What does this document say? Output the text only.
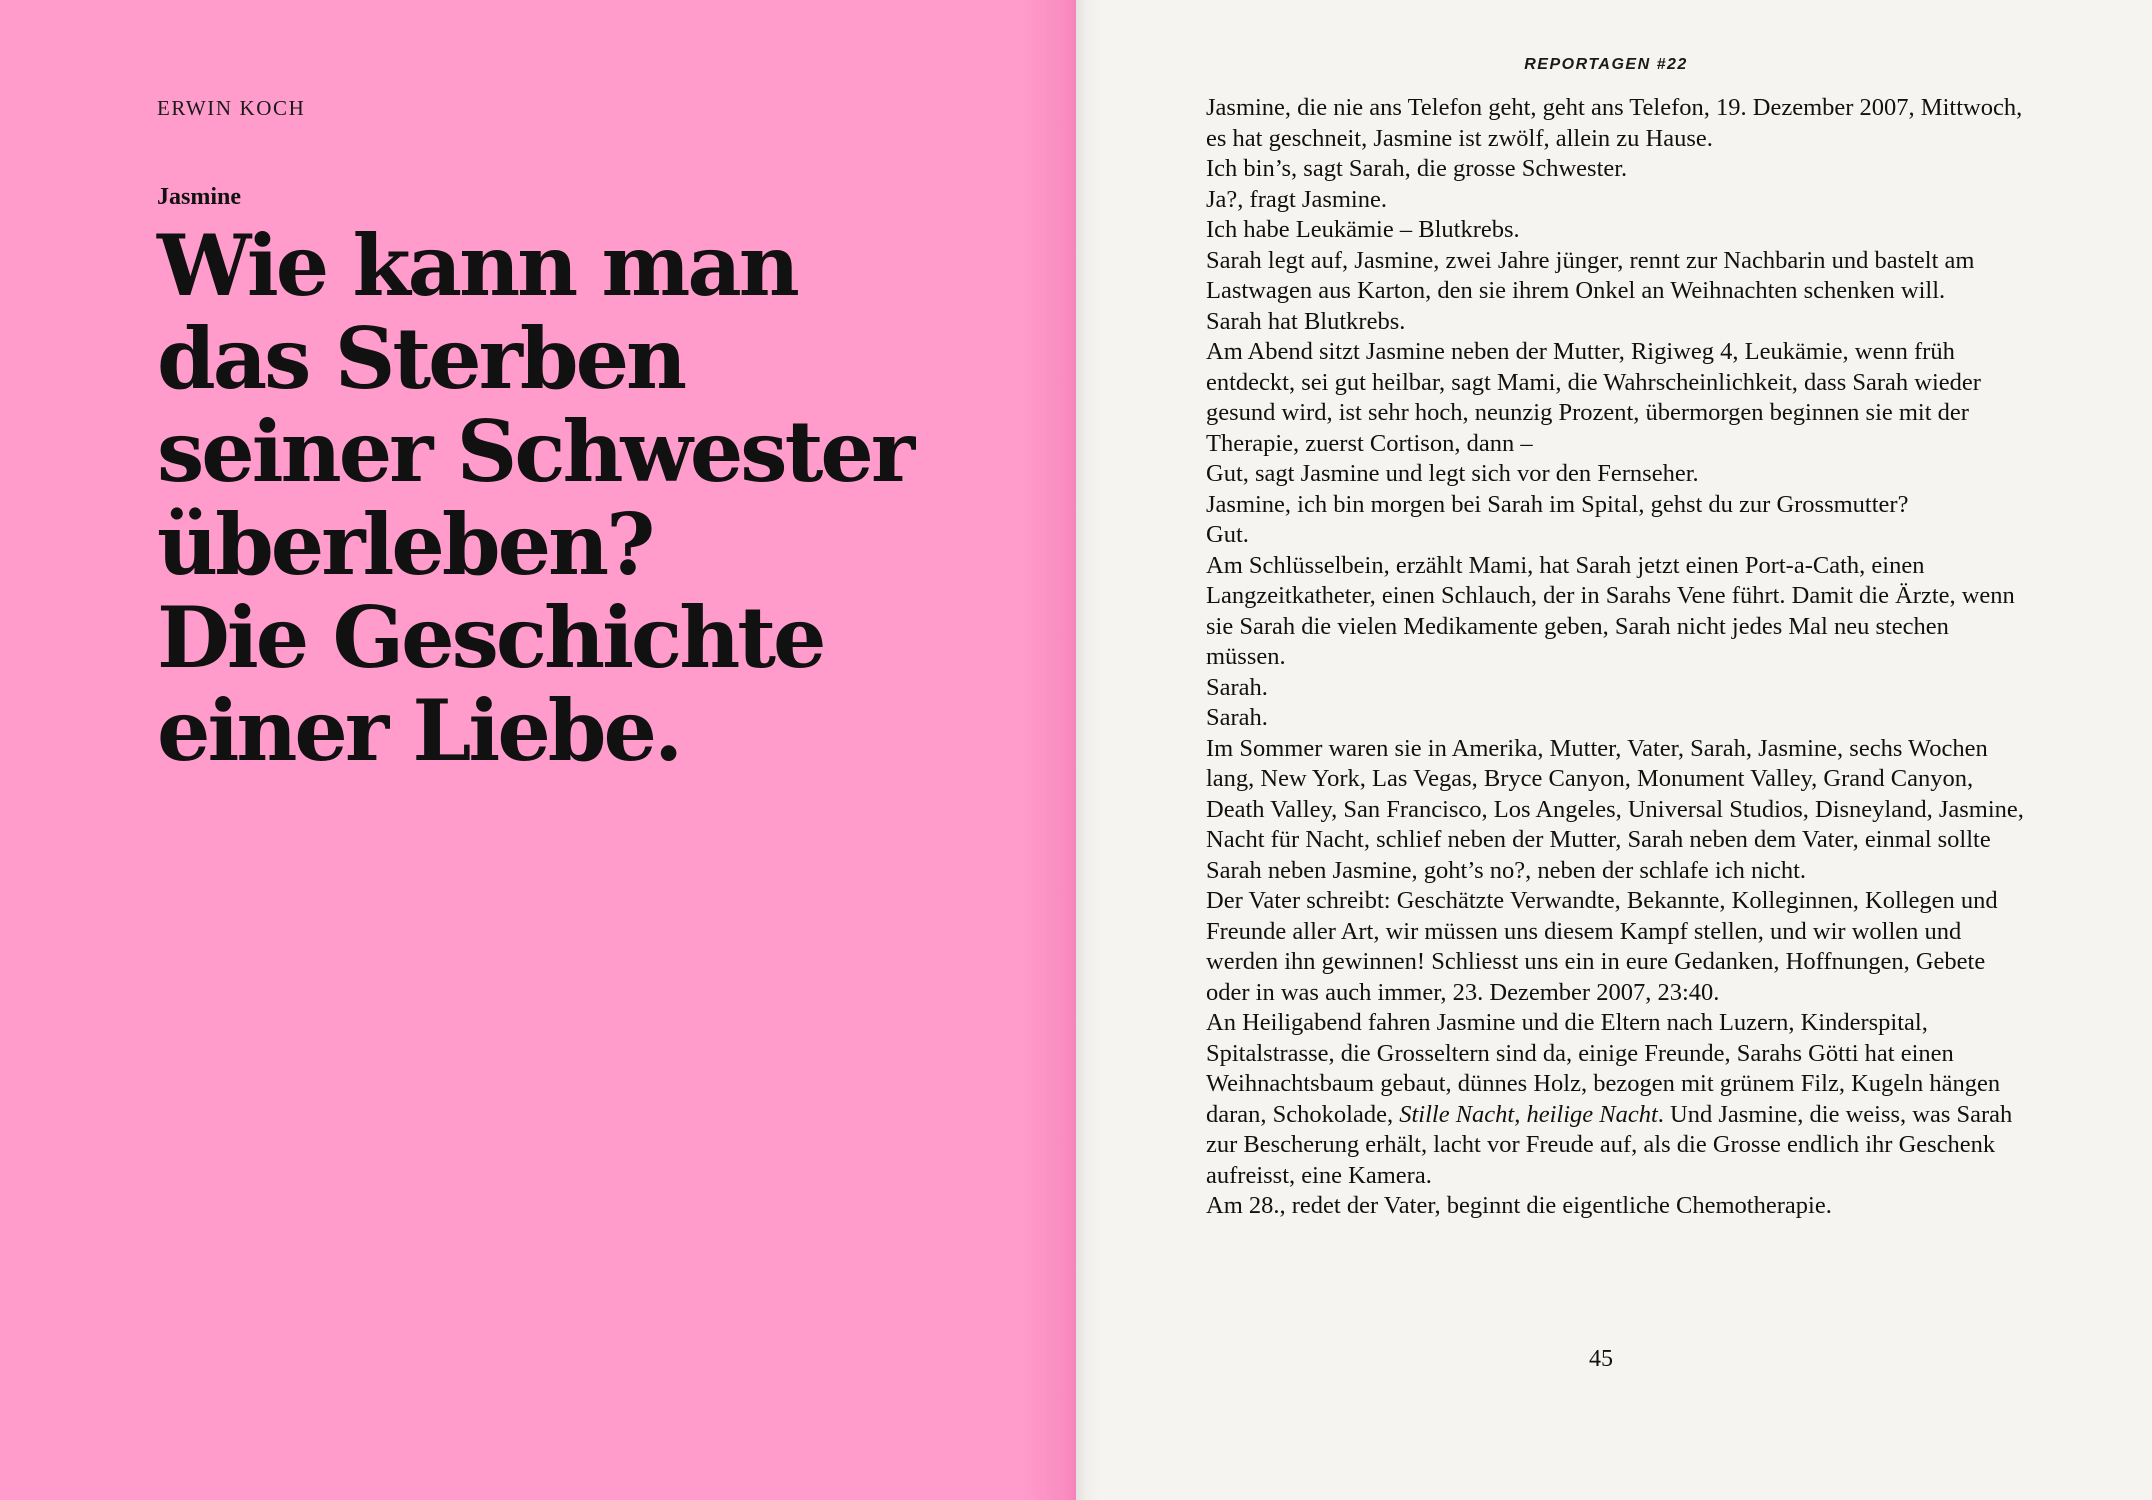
ERWIN KOCH
Jasmine
Wie kann man
das Sterben
seiner Schwester
überleben?
Die Geschichte
einer Liebe.
REPORTAGEN #22

Jasmine, die nie ans Telefon geht, geht ans Telefon, 19. Dezember 2007, Mittwoch, es hat geschneit, Jasmine ist zwölf, allein zu Hause.

Ich bin’s, sagt Sarah, die grosse Schwester.

Ja?, fragt Jasmine.

Ich habe Leukämie – Blutkrebs.

Sarah legt auf, Jasmine, zwei Jahre jünger, rennt zur Nachbarin und bastelt am Lastwagen aus Karton, den sie ihrem Onkel an Weihnachten schenken will.

Sarah hat Blutkrebs.

Am Abend sitzt Jasmine neben der Mutter, Rigiweg 4, Leukämie, wenn früh entdeckt, sei gut heilbar, sagt Mami, die Wahrscheinlichkeit, dass Sarah wieder gesund wird, ist sehr hoch, neunzig Prozent, übermorgen beginnen sie mit der Therapie, zuerst Cortison, dann –

Gut, sagt Jasmine und legt sich vor den Fernseher.

Jasmine, ich bin morgen bei Sarah im Spital, gehst du zur Grossmutter?

Gut.

Am Schlüsselbein, erzählt Mami, hat Sarah jetzt einen Port-a-Cath, einen Langzeitkatheter, einen Schlauch, der in Sarahs Vene führt. Damit die Ärzte, wenn sie Sarah die vielen Medikamente geben, Sarah nicht jedes Mal neu stechen müssen.

Sarah.

Sarah.

Im Sommer waren sie in Amerika, Mutter, Vater, Sarah, Jasmine, sechs Wochen lang, New York, Las Vegas, Bryce Canyon, Monument Valley, Grand Canyon, Death Valley, San Francisco, Los Angeles, Universal Studios, Disneyland, Jasmine, Nacht für Nacht, schlief neben der Mutter, Sarah neben dem Vater, einmal sollte Sarah neben Jasmine, goht’s no?, neben der schlafe ich nicht.

Der Vater schreibt: Geschätzte Verwandte, Bekannte, Kolleginnen, Kollegen und Freunde aller Art, wir müssen uns diesem Kampf stellen, und wir wollen und werden ihn gewinnen! Schliesst uns ein in eure Gedanken, Hoffnungen, Gebete oder in was auch immer, 23. Dezember 2007, 23:40.

An Heiligabend fahren Jasmine und die Eltern nach Luzern, Kinderspital, Spitalstrasse, die Grosseltern sind da, einige Freunde, Sarahs Götti hat einen Weihnachtsbaum gebaut, dünnes Holz, bezogen mit grünem Filz, Kugeln hängen daran, Schokolade, Stille Nacht, heilige Nacht. Und Jasmine, die weiss, was Sarah zur Bescherung erhält, lacht vor Freude auf, als die Grosse endlich ihr Geschenk aufreisst, eine Kamera.

Am 28., redet der Vater, beginnt die eigentliche Chemotherapie.

45
